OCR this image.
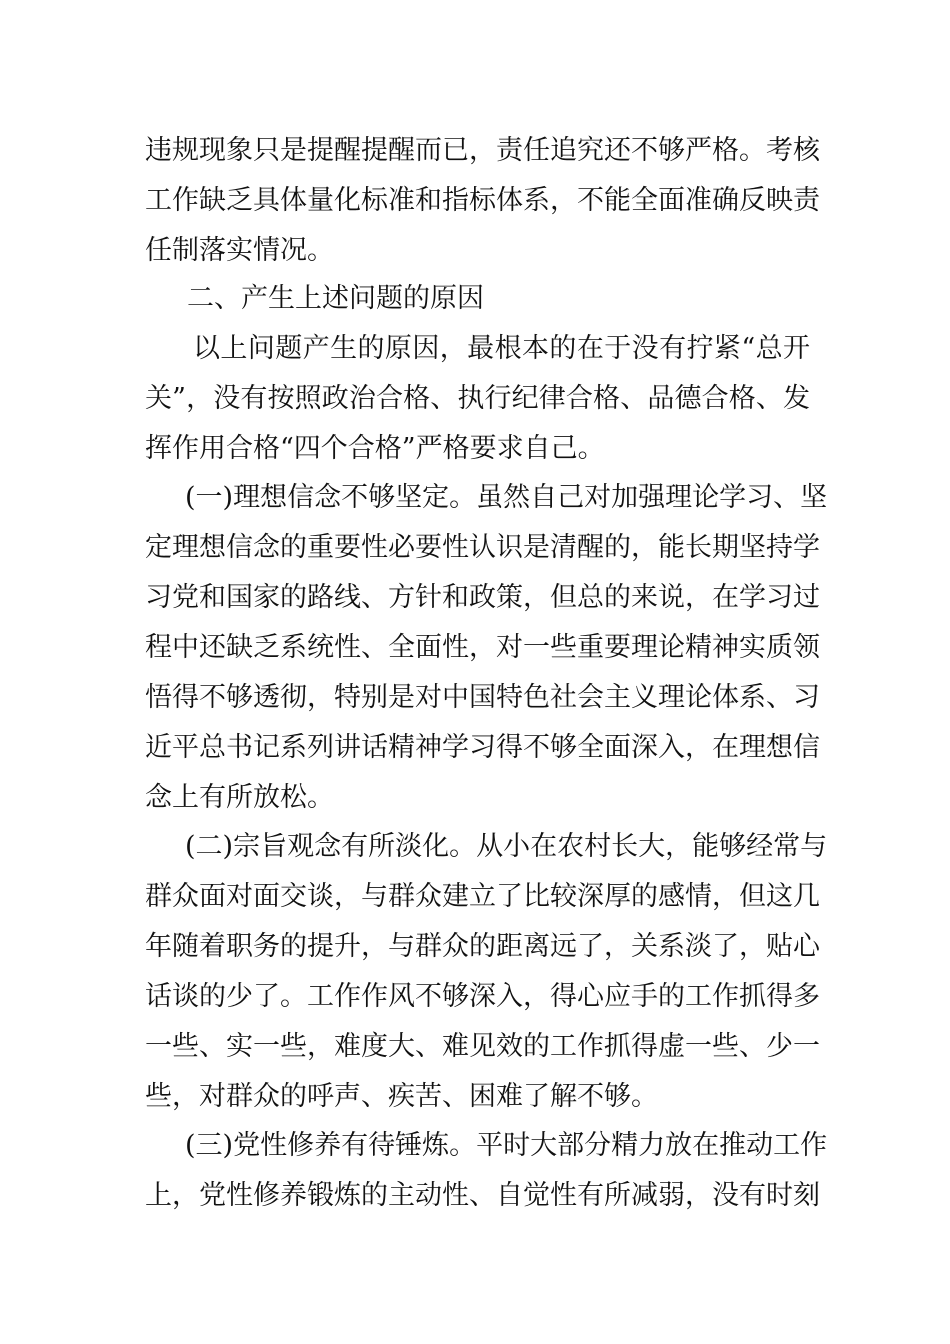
违规现象只是提醒提醒而已，责任追究还不够严格。考核
工作缺乏具体量化标准和指标体系，不能全面准确反映责
任制落实情况。
二、产生上述问题的原因
以上问题产生的原因，最根本的在于没有拧紧“总开
关”，没有按照政治合格、执行纪律合格、品德合格、发
挥作用合格“四个合格”严格要求自己。
(一)理想信念不够坚定。虽然自己对加强理论学习、坚
定理想信念的重要性必要性认识是清醒的，能长期坚持学
习党和国家的路线、方针和政策，但总的来说，在学习过
程中还缺乏系统性、全面性，对一些重要理论精神实质领
悟得不够透彻，特别是对中国特色社会主义理论体系、习
近平总书记系列讲话精神学习得不够全面深入，在理想信
念上有所放松。
(二)宗旨观念有所淡化。从小在农村长大，能够经常与
群众面对面交谈，与群众建立了比较深厚的感情，但这几
年随着职务的提升，与群众的距离远了，关系淡了，贴心
话谈的少了。工作作风不够深入，得心应手的工作抓得多
一些、实一些，难度大、难见效的工作抓得虚一些、少一
些，对群众的呼声、疾苦、困难了解不够。
(三)党性修养有待锤炼。平时大部分精力放在推动工作
上，党性修养锻炼的主动性、自觉性有所减弱，没有时刻
